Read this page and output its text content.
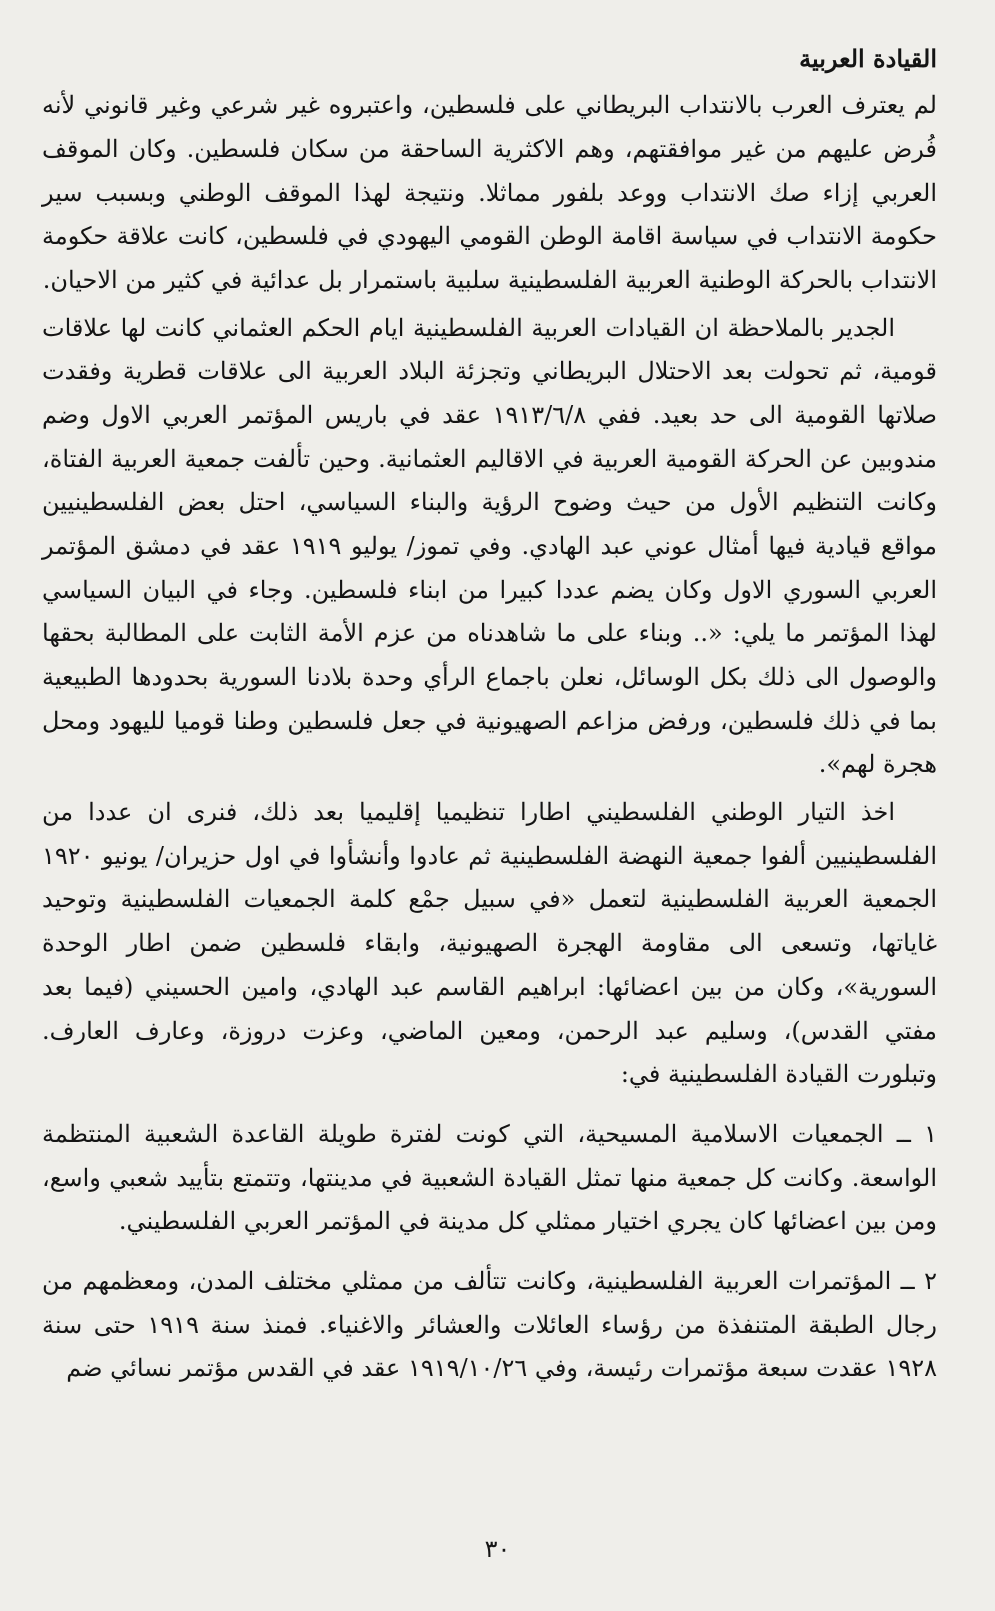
القيادة العربية

لم يعترف العرب بالانتداب البريطاني على فلسطين، واعتبروه غير شرعي وغير قانوني لأنه فُرض عليهم من غير موافقتهم، وهم الاكثرية الساحقة من سكان فلسطين. وكان الموقف العربي إزاء صك الانتداب ووعد بلفور مماثلا. ونتيجة لهذا الموقف الوطني وبسبب سير حكومة الانتداب في سياسة اقامة الوطن القومي اليهودي في فلسطين، كانت علاقة حكومة الانتداب بالحركة الوطنية العربية الفلسطينية سلبية باستمرار بل عدائية في كثير من الاحيان.

الجدير بالملاحظة ان القيادات العربية الفلسطينية ايام الحكم العثماني كانت لها علاقات قومية، ثم تحولت بعد الاحتلال البريطاني وتجزئة البلاد العربية الى علاقات قطرية وفقدت صلاتها القومية الى حد بعيد. ففي ١٩١٣/٦/٨ عقد في باريس المؤتمر العربي الاول وضم مندوبين عن الحركة القومية العربية في الاقاليم العثمانية. وحين تألفت جمعية العربية الفتاة، وكانت التنظيم الأول من حيث وضوح الرؤية والبناء السياسي، احتل بعض الفلسطينيين مواقع قيادية فيها أمثال عوني عبد الهادي. وفي تموز/ يوليو ١٩١٩ عقد في دمشق المؤتمر العربي السوري الاول وكان يضم عددا كبيرا من ابناء فلسطين. وجاء في البيان السياسي لهذا المؤتمر ما يلي: «.. وبناء على ما شاهدناه من عزم الأمة الثابت على المطالبة بحقها والوصول الى ذلك بكل الوسائل، نعلن باجماع الرأي وحدة بلادنا السورية بحدودها الطبيعية بما في ذلك فلسطين، ورفض مزاعم الصهيونية في جعل فلسطين وطنا قوميا لليهود ومحل هجرة لهم».

اخذ التيار الوطني الفلسطيني اطارا تنظيميا إقليميا بعد ذلك، فنرى ان عددا من الفلسطينيين ألفوا جمعية النهضة الفلسطينية ثم عادوا وأنشأوا في اول حزيران/ يونيو ١٩٢٠ الجمعية العربية الفلسطينية لتعمل «في سبيل جمْع كلمة الجمعيات الفلسطينية وتوحيد غاياتها، وتسعى الى مقاومة الهجرة الصهيونية، وابقاء فلسطين ضمن اطار الوحدة السورية»، وكان من بين اعضائها: ابراهيم القاسم عبد الهادي، وامين الحسيني (فيما بعد مفتي القدس)، وسليم عبد الرحمن، ومعين الماضي، وعزت دروزة، وعارف العارف. وتبلورت القيادة الفلسطينية في:

١ ــ الجمعيات الاسلامية المسيحية، التي كونت لفترة طويلة القاعدة الشعبية المنتظمة الواسعة. وكانت كل جمعية منها تمثل القيادة الشعبية في مدينتها، وتتمتع بتأييد شعبي واسع، ومن بين اعضائها كان يجري اختيار ممثلي كل مدينة في المؤتمر العربي الفلسطيني.

٢ ــ المؤتمرات العربية الفلسطينية، وكانت تتألف من ممثلي مختلف المدن، ومعظمهم من رجال الطبقة المتنفذة من رؤساء العائلات والعشائر والاغنياء. فمنذ سنة ١٩١٩ حتى سنة ١٩٢٨ عقدت سبعة مؤتمرات رئيسة، وفي ١٩١٩/١٠/٢٦ عقد في القدس مؤتمر نسائي ضم

٣٠
